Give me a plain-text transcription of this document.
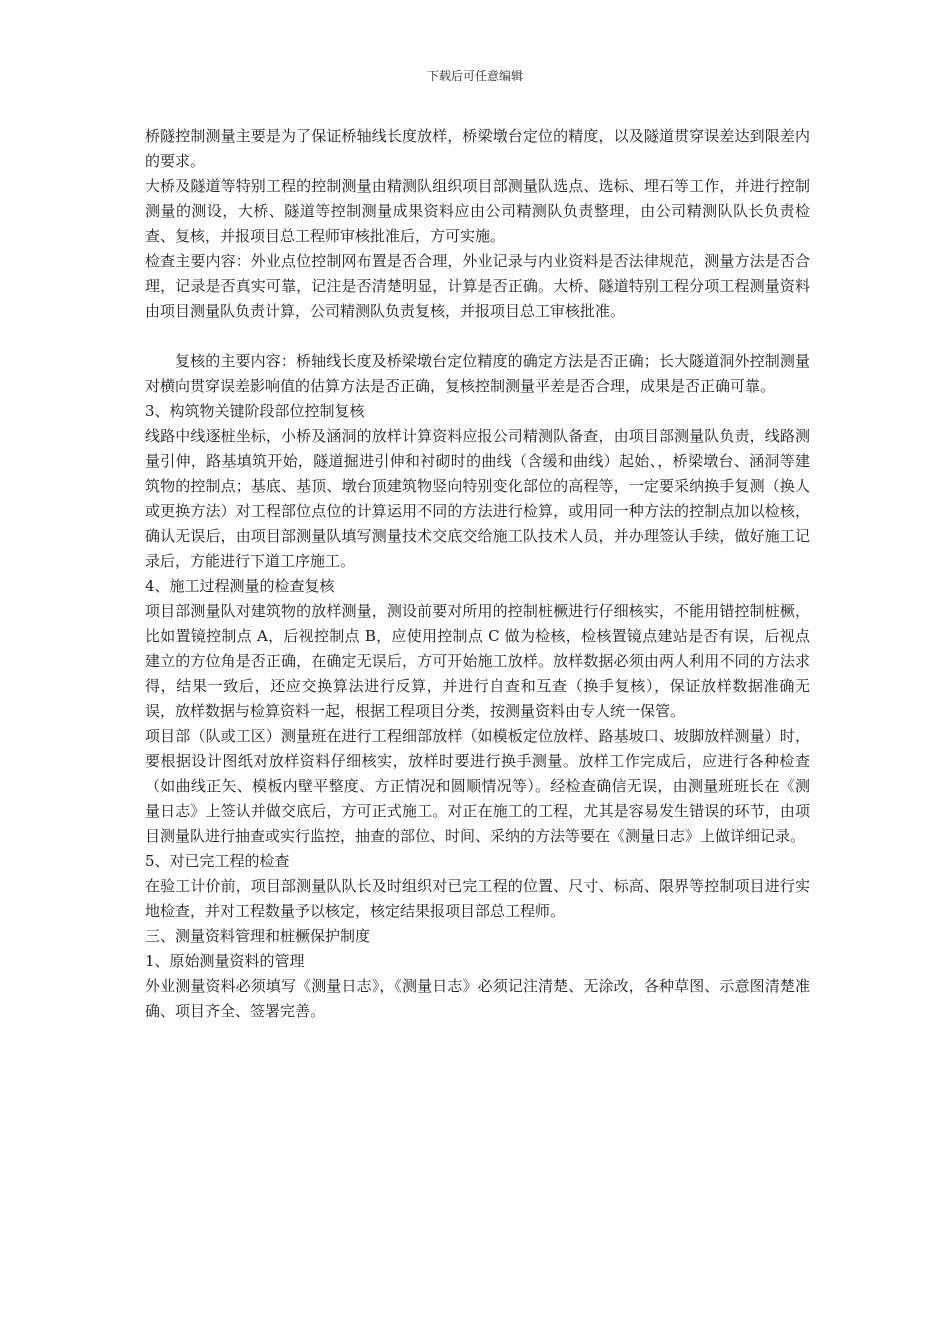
下载后可任意编辑

桥隧控制测量主要是为了保证桥轴线长度放样，桥梁墩台定位的精度，以及隧道贯穿误差达到限差内的要求。

大桥及隧道等特别工程的控制测量由精测队组织项目部测量队选点、选标、埋石等工作，并进行控制测量的测设，大桥、隧道等控制测量成果资料应由公司精测队负责整理，由公司精测队队长负责检查、复核，并报项目总工程师审核批准后，方可实施。

检查主要内容：外业点位控制网布置是否合理，外业记录与内业资料是否法律规范，测量方法是否合理，记录是否真实可靠，记注是否清楚明显，计算是否正确。大桥、隧道特别工程分项工程测量资料由项目测量队负责计算，公司精测队负责复核，并报项目总工审核批准。

复核的主要内容：桥轴线长度及桥梁墩台定位精度的确定方法是否正确；长大隧道洞外控制测量对横向贯穿误差影响值的估算方法是否正确，复核控制测量平差是否合理，成果是否正确可靠。

3、构筑物关键阶段部位控制复核

线路中线逐桩坐标，小桥及涵洞的放样计算资料应报公司精测队备查，由项目部测量队负责，线路测量引伸，路基填筑开始，隧道掘进引伸和衬砌时的曲线（含缓和曲线）起始、，桥梁墩台、涵洞等建筑物的控制点；基底、基顶、墩台顶建筑物竖向特别变化部位的高程等，一定要采纳换手复测（换人或更换方法）对工程部位点位的计算运用不同的方法进行检算，或用同一种方法的控制点加以检核，确认无误后，由项目部测量队填写测量技术交底交给施工队技术人员，并办理签认手续，做好施工记录后，方能进行下道工序施工。

4、施工过程测量的检查复核

项目部测量队对建筑物的放样测量，测设前要对所用的控制桩橛进行仔细核实，不能用错控制桩橛，比如置镜控制点 A，后视控制点 B，应使用控制点 C 做为检核，检核置镜点建站是否有误，后视点建立的方位角是否正确，在确定无误后，方可开始施工放样。放样数据必须由两人利用不同的方法求得，结果一致后，还应交换算法进行反算，并进行自查和互查（换手复核），保证放样数据准确无误，放样数据与检算资料一起，根据工程项目分类，按测量资料由专人统一保管。

项目部（队或工区）测量班在进行工程细部放样（如模板定位放样、路基坡口、坡脚放样测量）时，要根据设计图纸对放样资料仔细核实，放样时要进行换手测量。放样工作完成后，应进行各种检查（如曲线正矢、模板内壁平整度、方正情况和圆顺情况等）。经检查确信无误，由测量班班长在《测量日志》上签认并做交底后，方可正式施工。对正在施工的工程，尤其是容易发生错误的环节，由项目测量队进行抽查或实行监控，抽查的部位、时间、采纳的方法等要在《测量日志》上做详细记录。

5、对已完工程的检查

在验工计价前，项目部测量队队长及时组织对已完工程的位置、尺寸、标高、限界等控制项目进行实地检查，并对工程数量予以核定，核定结果报项目部总工程师。

三、测量资料管理和桩橛保护制度

1、原始测量资料的管理

外业测量资料必须填写《测量日志》，《测量日志》必须记注清楚、无涂改，各种草图、示意图清楚准确、项目齐全、签署完善。
